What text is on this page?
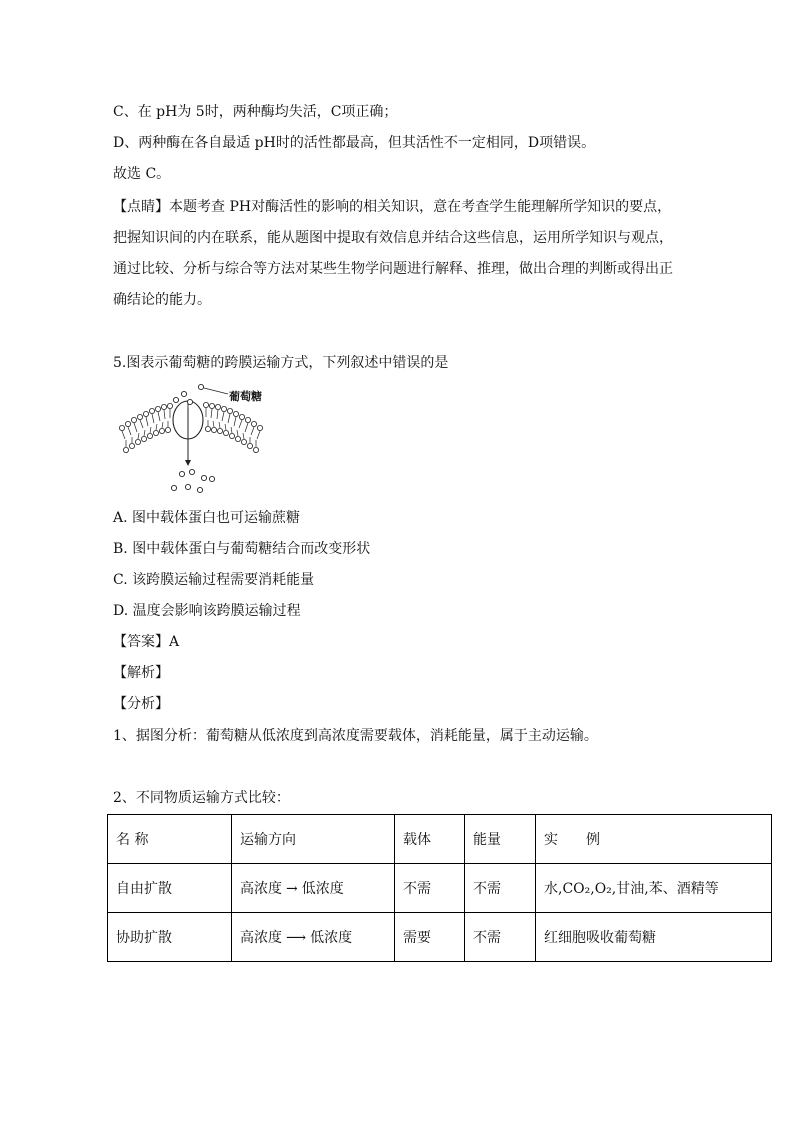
C、在 pH为 5时，两种酶均失活，C项正确；
D、两种酶在各自最适 pH时的活性都最高，但其活性不一定相同，D项错误。
故选 C。
【点睛】本题考查 PH对酶活性的影响的相关知识，意在考查学生能理解所学知识的要点，把握知识间的内在联系，能从题图中提取有效信息并结合这些信息，运用所学知识与观点，通过比较、分析与综合等方法对某些生物学问题进行解释、推理，做出合理的判断或得出正确结论的能力。
5.图表示葡萄糖的跨膜运输方式，下列叙述中错误的是
葡萄糖
A. 图中载体蛋白也可运输蔗糖
B. 图中载体蛋白与葡萄糖结合而改变形状
C. 该跨膜运输过程需要消耗能量
D. 温度会影响该跨膜运输过程
【答案】A
【解析】
【分析】
1、据图分析：葡萄糖从低浓度到高浓度需要载体，消耗能量，属于主动运输。
2、不同物质运输方式比较：
名 称	运输方向	载体	能量	实　　例
自由扩散	高浓度 → 低浓度	不需	不需	水,CO₂,O₂,甘油,苯、酒精等
协助扩散	高浓度 ⟶ 低浓度	需要	不需	红细胞吸收葡萄糖
